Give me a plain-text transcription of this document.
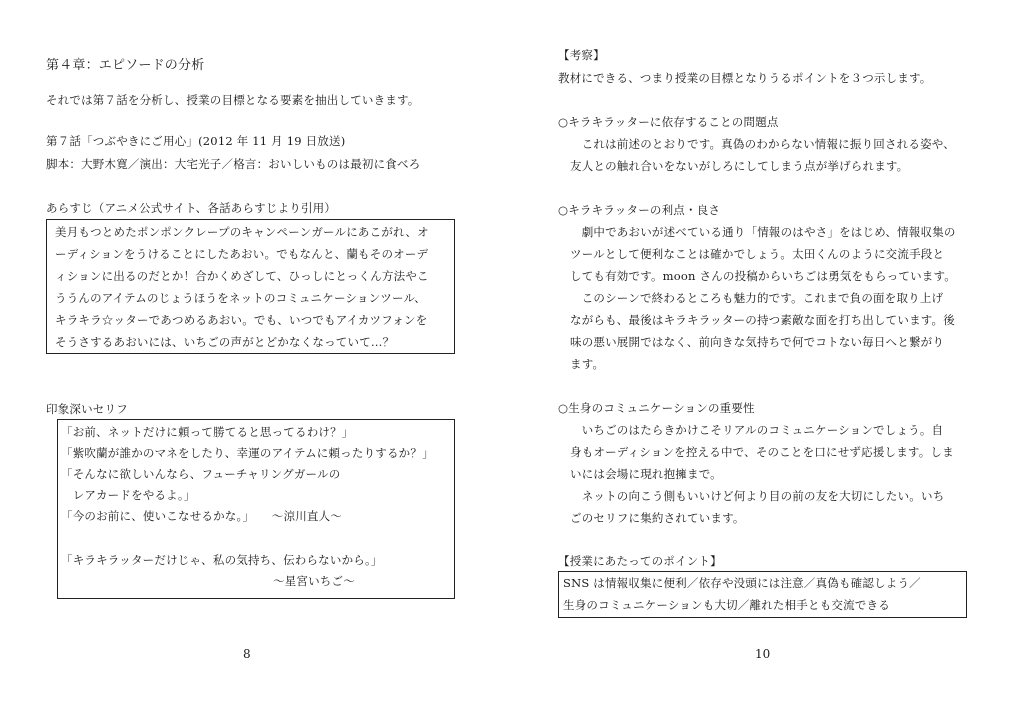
第４章：エピソードの分析
それでは第７話を分析し、授業の目標となる要素を抽出していきます。
第７話「つぶやきにご用心」(2012 年 11 月 19 日放送)
脚本：大野木寛／演出：大宅光子／格言：おいしいものは最初に食べろ
あらすじ（アニメ公式サイト、各話あらすじより引用）
美月もつとめたポンポンクレープのキャンペーンガールにあこがれ、オ
ーディションをうけることにしたあおい。でもなんと、蘭もそのオーデ
ィションに出るのだとか！合かくめざして、ひっしにとっくん方法やこ
ううんのアイテムのじょうほうをネットのコミュニケーションツール、
キラキラ☆ッターであつめるあおい。でも、いつでもアイカツフォンを
そうさするあおいには、いちごの声がとどかなくなっていて…？
印象深いセリフ
「お前、ネットだけに頼って勝てると思ってるわけ？」
「紫吹蘭が誰かのマネをしたり、幸運のアイテムに頼ったりするか？」
「そんなに欲しいんなら、フューチャリングガールの
　レアカードをやるよ。」
「今のお前に、使いこなせるかな。」　　〜涼川直人〜
「キラキラッターだけじゃ、私の気持ち、伝わらないから。」
〜星宮いちご〜
8
【考察】
教材にできる、つまり授業の目標となりうるポイントを３つ示します。
○キラキラッターに依存することの問題点
　これは前述のとおりです。真偽のわからない情報に振り回される姿や、
友人との触れ合いをないがしろにしてしまう点が挙げられます。
○キラキラッターの利点・良さ
　劇中であおいが述べている通り「情報のはやさ」をはじめ、情報収集の
ツールとして便利なことは確かでしょう。太田くんのように交流手段と
しても有効です。moon さんの投稿からいちごは勇気をもらっています。
　このシーンで終わるところも魅力的です。これまで負の面を取り上げ
ながらも、最後はキラキラッターの持つ素敵な面を打ち出しています。後
味の悪い展開ではなく、前向きな気持ちで何でコトない毎日へと繋がり
ます。
○生身のコミュニケーションの重要性
　いちごのはたらきかけこそリアルのコミュニケーションでしょう。自
身もオーディションを控える中で、そのことを口にせず応援します。しま
いには会場に現れ抱擁まで。
　ネットの向こう側もいいけど何より目の前の友を大切にしたい。いち
ごのセリフに集約されています。
【授業にあたってのポイント】
SNS は情報収集に便利／依存や没頭には注意／真偽も確認しよう／
生身のコミュニケーションも大切／離れた相手とも交流できる
10
